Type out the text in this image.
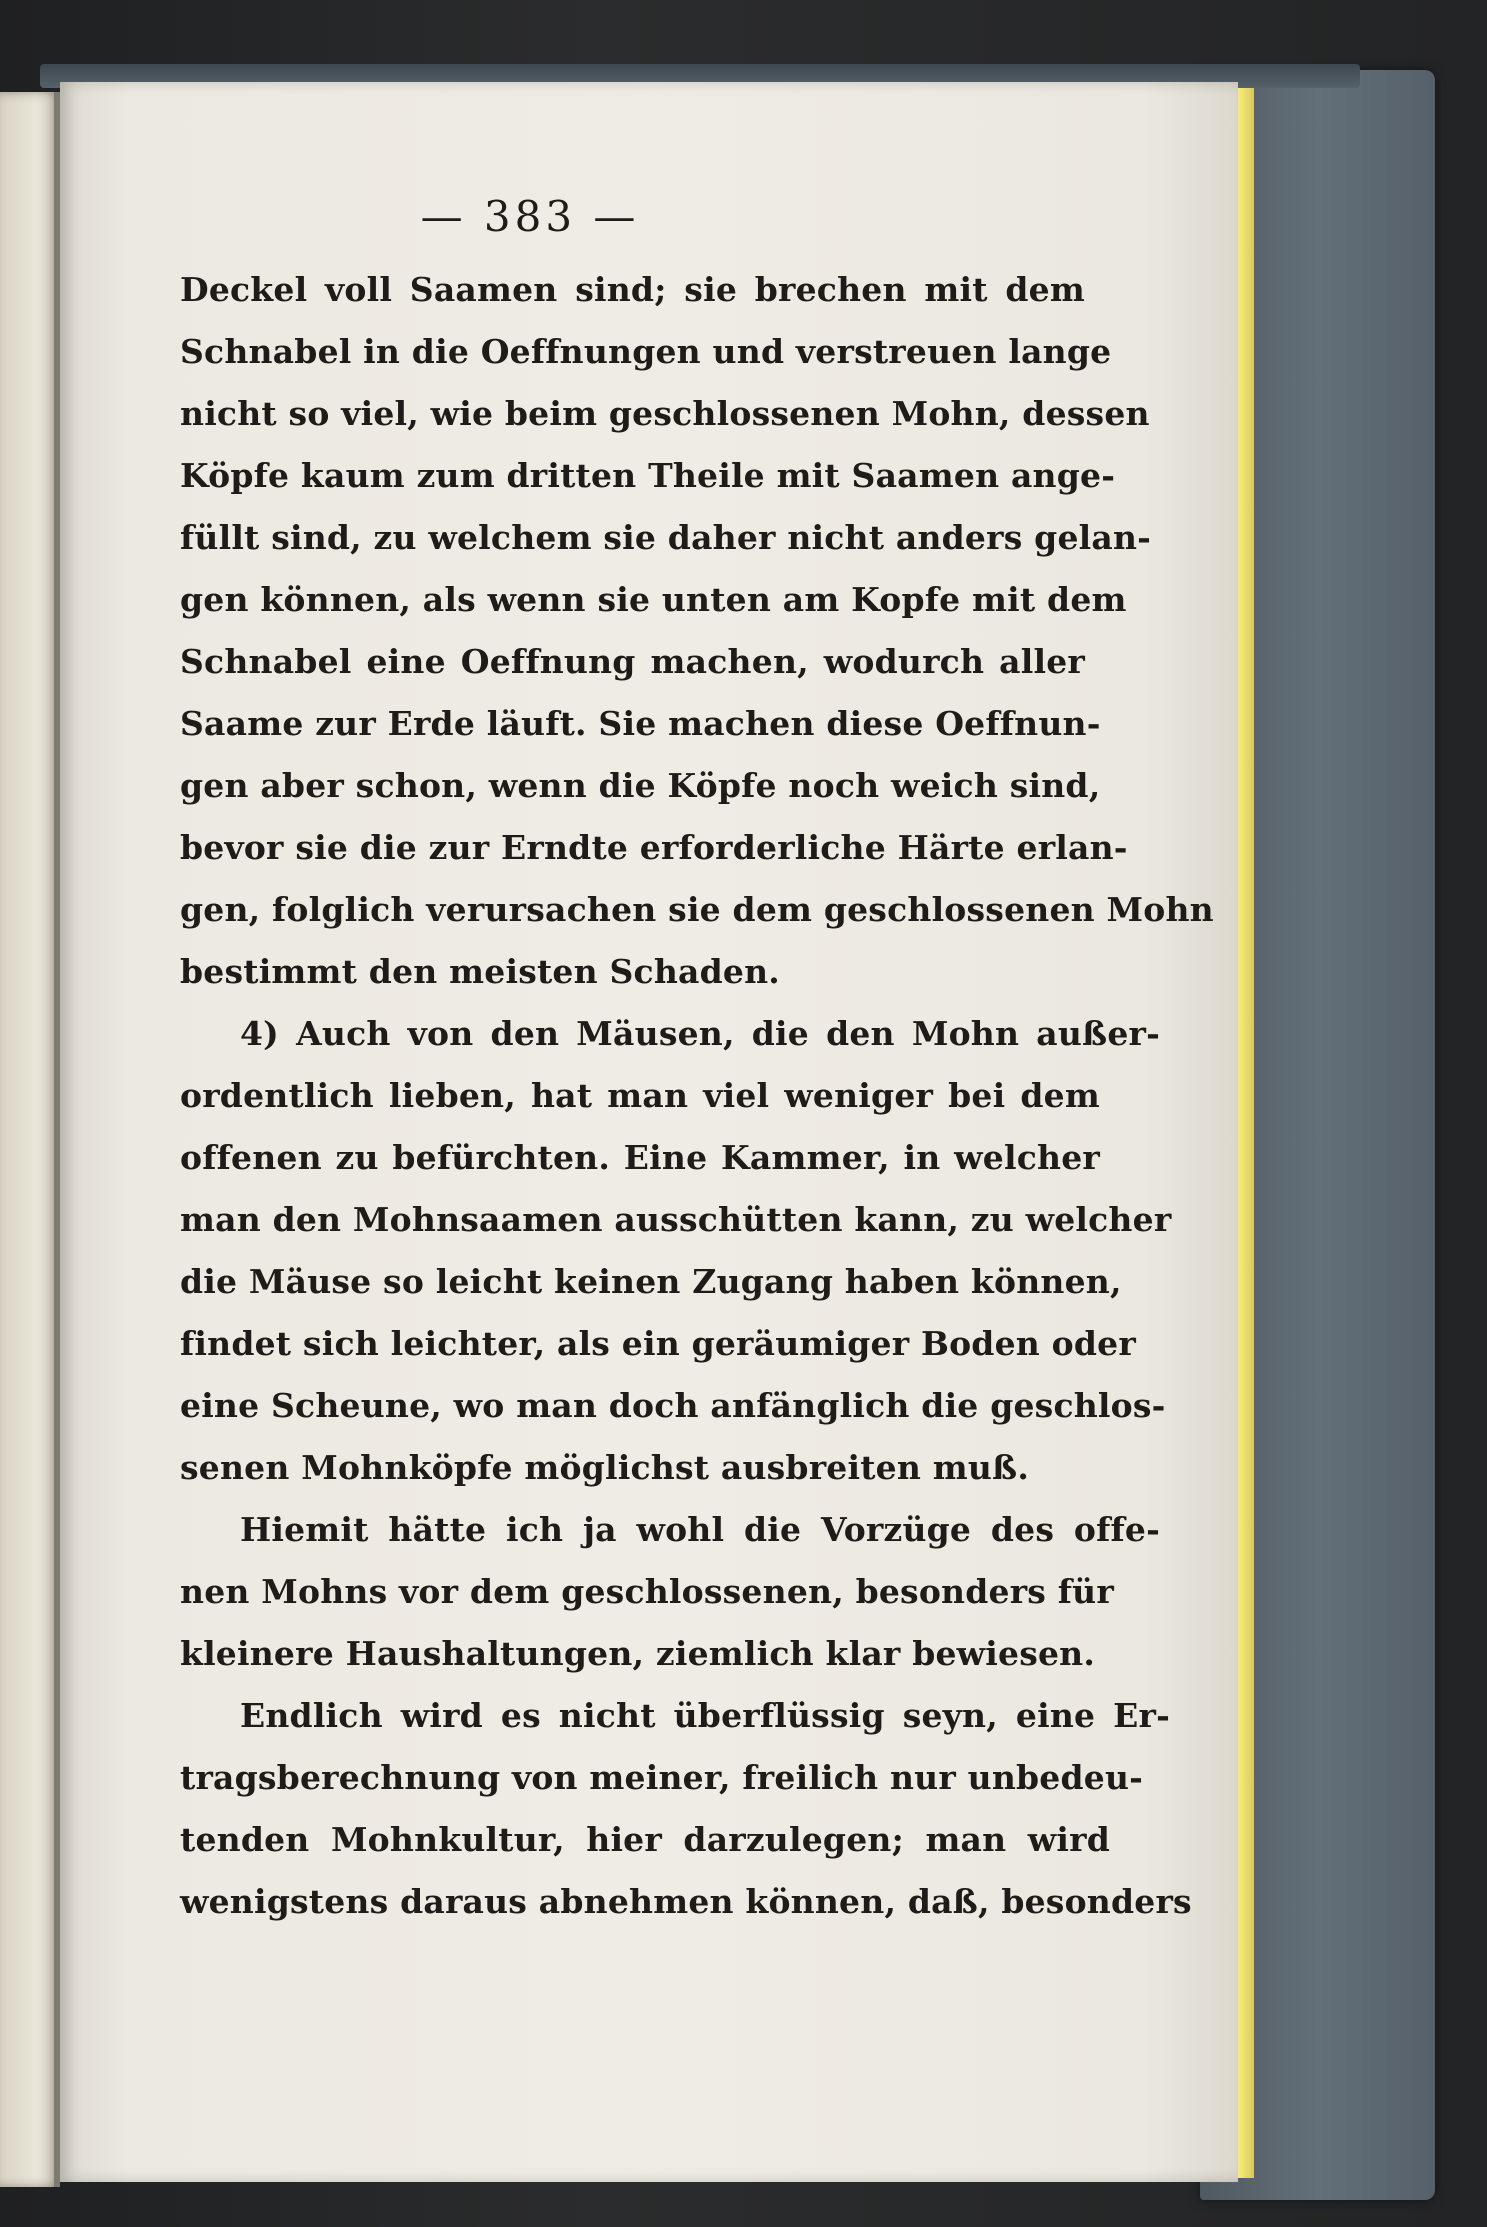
— 383 —
Deckel voll Saamen sind; sie brechen mit dem
Schnabel in die Oeffnungen und verstreuen lange
nicht so viel, wie beim geschlossenen Mohn, dessen
Köpfe kaum zum dritten Theile mit Saamen ange-
füllt sind, zu welchem sie daher nicht anders gelan-
gen können, als wenn sie unten am Kopfe mit dem
Schnabel eine Oeffnung machen, wodurch aller
Saame zur Erde läuft. Sie machen diese Oeffnun-
gen aber schon, wenn die Köpfe noch weich sind,
bevor sie die zur Erndte erforderliche Härte erlan-
gen, folglich verursachen sie dem geschlossenen Mohn
bestimmt den meisten Schaden.
4) Auch von den Mäusen, die den Mohn außer-
ordentlich lieben, hat man viel weniger bei dem
offenen zu befürchten. Eine Kammer, in welcher
man den Mohnsaamen ausschütten kann, zu welcher
die Mäuse so leicht keinen Zugang haben können,
findet sich leichter, als ein geräumiger Boden oder
eine Scheune, wo man doch anfänglich die geschlos-
senen Mohnköpfe möglichst ausbreiten muß.
Hiemit hätte ich ja wohl die Vorzüge des offe-
nen Mohns vor dem geschlossenen, besonders für
kleinere Haushaltungen, ziemlich klar bewiesen.
Endlich wird es nicht überflüssig seyn, eine Er-
tragsberechnung von meiner, freilich nur unbedeu-
tenden Mohnkultur, hier darzulegen; man wird
wenigstens daraus abnehmen können, daß, besonders
